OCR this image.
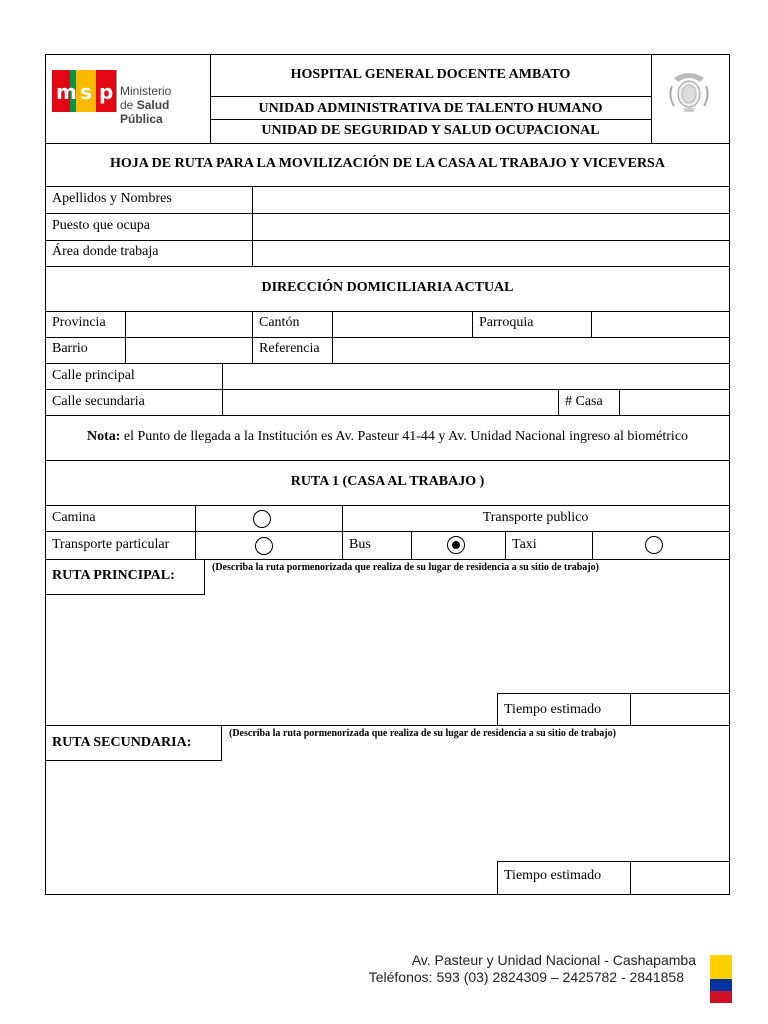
m s p Ministerio
de Salud Pública
HOSPITAL GENERAL DOCENTE AMBATO
UNIDAD ADMINISTRATIVA DE TALENTO HUMANO
UNIDAD DE SEGURIDAD Y SALUD OCUPACIONAL
HOJA DE RUTA PARA LA MOVILIZACIÓN DE LA CASA AL TRABAJO Y VICEVERSA
Apellidos y Nombres
Puesto que ocupa
Área donde trabaja
DIRECCIÓN DOMICILIARIA ACTUAL
Provincia	Cantón	Parroquia
Barrio	Referencia
Calle principal
Calle secundaria	# Casa
Nota: el Punto de llegada a la Institución es Av. Pasteur 41-44 y Av. Unidad Nacional ingreso al biométrico
RUTA 1 (CASA AL TRABAJO )
Camina	Transporte publico
Transporte particular	Bus	Taxi
RUTA PRINCIPAL:
(Describa la ruta pormenorizada que realiza de su lugar de residencia a su sitio de trabajo)
Tiempo estimado
RUTA SECUNDARIA:
(Describa la ruta pormenorizada que realiza de su lugar de residencia a su sitio de trabajo)
Tiempo estimado
Av. Pasteur y Unidad Nacional - Cashapamba
Teléfonos: 593 (03) 2824309 – 2425782 - 2841858
